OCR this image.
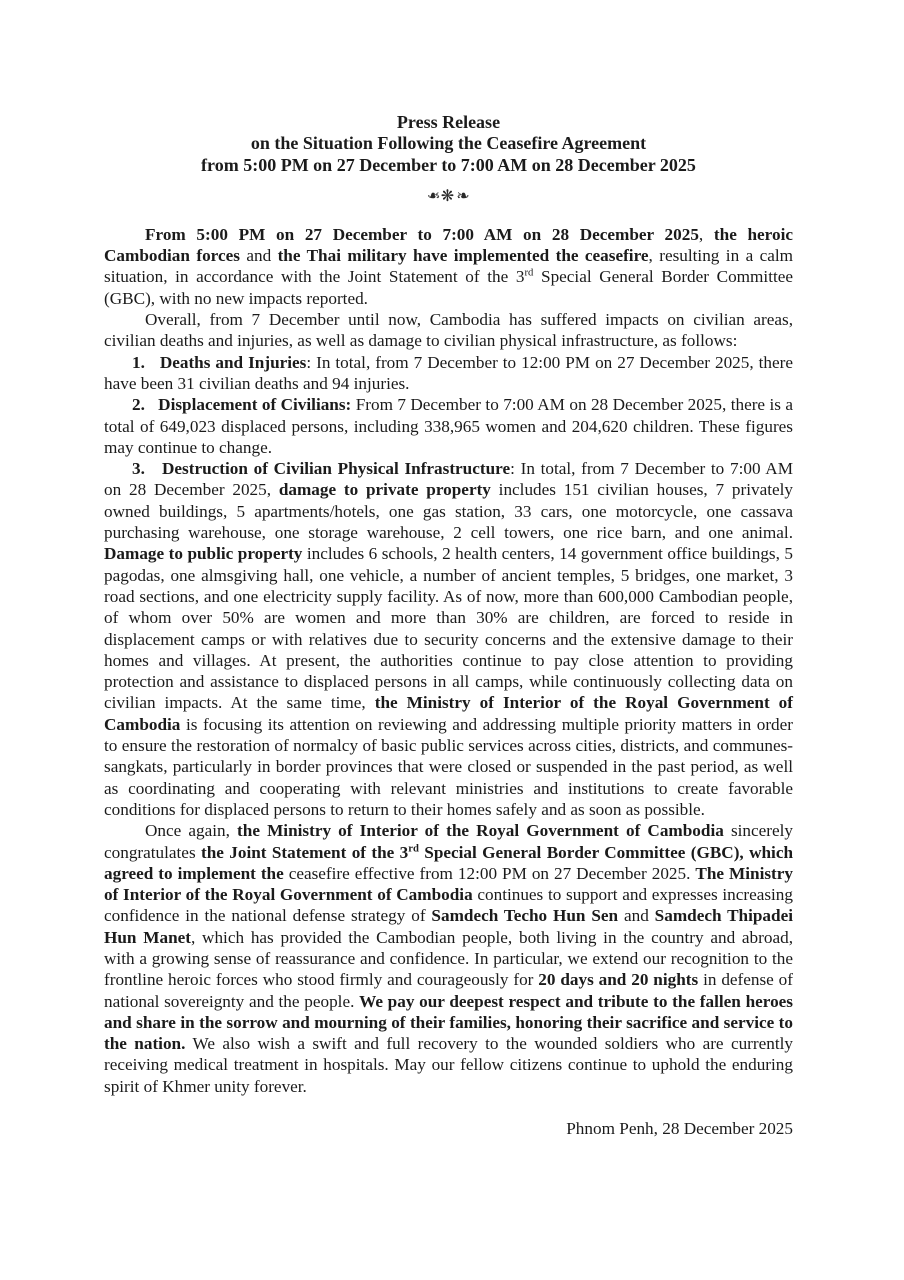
Press Release
on the Situation Following the Ceasefire Agreement
from 5:00 PM on 27 December to 7:00 AM on 28 December 2025
❧❋❧

From 5:00 PM on 27 December to 7:00 AM on 28 December 2025, the heroic Cambodian forces and the Thai military have implemented the ceasefire, resulting in a calm situation, in accordance with the Joint Statement of the 3rd Special General Border Committee (GBC), with no new impacts reported.

Overall, from 7 December until now, Cambodia has suffered impacts on civilian areas, civilian deaths and injuries, as well as damage to civilian physical infrastructure, as follows:

1.   Deaths and Injuries: In total, from 7 December to 12:00 PM on 27 December 2025, there have been 31 civilian deaths and 94 injuries.

2.   Displacement of Civilians: From 7 December to 7:00 AM on 28 December 2025, there is a total of 649,023 displaced persons, including 338,965 women and 204,620 children. These figures may continue to change.

3.   Destruction of Civilian Physical Infrastructure: In total, from 7 December to 7:00 AM on 28 December 2025, damage to private property includes 151 civilian houses, 7 privately owned buildings, 5 apartments/hotels, one gas station, 33 cars, one motorcycle, one cassava purchasing warehouse, one storage warehouse, 2 cell towers, one rice barn, and one animal. Damage to public property includes 6 schools, 2 health centers, 14 government office buildings, 5 pagodas, one almsgiving hall, one vehicle, a number of ancient temples, 5 bridges, one market, 3 road sections, and one electricity supply facility. As of now, more than 600,000 Cambodian people, of whom over 50% are women and more than 30% are children, are forced to reside in displacement camps or with relatives due to security concerns and the extensive damage to their homes and villages. At present, the authorities continue to pay close attention to providing protection and assistance to displaced persons in all camps, while continuously collecting data on civilian impacts. At the same time, the Ministry of Interior of the Royal Government of Cambodia is focusing its attention on reviewing and addressing multiple priority matters in order to ensure the restoration of normalcy of basic public services across cities, districts, and communes-sangkats, particularly in border provinces that were closed or suspended in the past period, as well as coordinating and cooperating with relevant ministries and institutions to create favorable conditions for displaced persons to return to their homes safely and as soon as possible.

Once again, the Ministry of Interior of the Royal Government of Cambodia sincerely congratulates the Joint Statement of the 3rd Special General Border Committee (GBC), which agreed to implement the ceasefire effective from 12:00 PM on 27 December 2025. The Ministry of Interior of the Royal Government of Cambodia continues to support and expresses increasing confidence in the national defense strategy of Samdech Techo Hun Sen and Samdech Thipadei Hun Manet, which has provided the Cambodian people, both living in the country and abroad, with a growing sense of reassurance and confidence. In particular, we extend our recognition to the frontline heroic forces who stood firmly and courageously for 20 days and 20 nights in defense of national sovereignty and the people. We pay our deepest respect and tribute to the fallen heroes and share in the sorrow and mourning of their families, honoring their sacrifice and service to the nation. We also wish a swift and full recovery to the wounded soldiers who are currently receiving medical treatment in hospitals. May our fellow citizens continue to uphold the enduring spirit of Khmer unity forever.

Phnom Penh, 28 December 2025
